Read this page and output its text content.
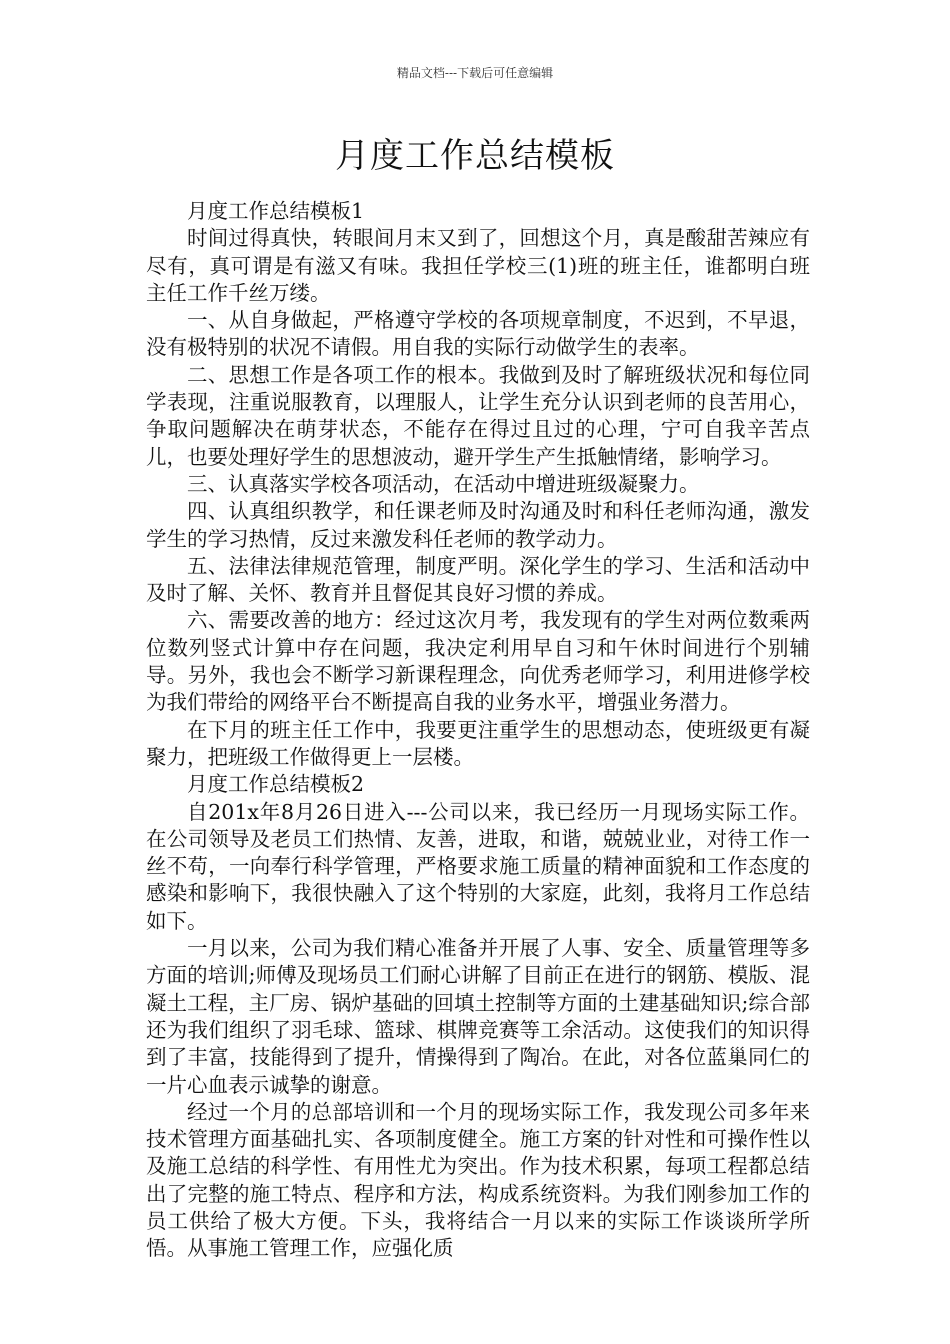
精品文档---下载后可任意编辑
月度工作总结模板

月度工作总结模板1

时间过得真快，转眼间月末又到了，回想这个月，真是酸甜苦辣应有尽有，真可谓是有滋又有味。我担任学校三(1)班的班主任，谁都明白班主任工作千丝万缕。

一、从自身做起，严格遵守学校的各项规章制度，不迟到，不早退，没有极特别的状况不请假。用自我的实际行动做学生的表率。

二、思想工作是各项工作的根本。我做到及时了解班级状况和每位同学表现，注重说服教育，以理服人，让学生充分认识到老师的良苦用心，争取问题解决在萌芽状态，不能存在得过且过的心理，宁可自我辛苦点儿，也要处理好学生的思想波动，避开学生产生抵触情绪，影响学习。

三、认真落实学校各项活动，在活动中增进班级凝聚力。

四、认真组织教学，和任课老师及时沟通及时和科任老师沟通，激发学生的学习热情，反过来激发科任老师的教学动力。

五、法律法律规范管理，制度严明。深化学生的学习、生活和活动中及时了解、关怀、教育并且督促其良好习惯的养成。

六、需要改善的地方：经过这次月考，我发现有的学生对两位数乘两位数列竖式计算中存在问题，我决定利用早自习和午休时间进行个别辅导。另外，我也会不断学习新课程理念，向优秀老师学习，利用进修学校为我们带给的网络平台不断提高自我的业务水平，增强业务潜力。

在下月的班主任工作中，我要更注重学生的思想动态，使班级更有凝聚力，把班级工作做得更上一层楼。

月度工作总结模板2

自201x年8月26日进入---公司以来，我已经历一月现场实际工作。在公司领导及老员工们热情、友善，进取，和谐，兢兢业业，对待工作一丝不苟，一向奉行科学管理，严格要求施工质量的精神面貌和工作态度的感染和影响下，我很快融入了这个特别的大家庭，此刻，我将月工作总结如下。

一月以来，公司为我们精心准备并开展了人事、安全、质量管理等多方面的培训;师傅及现场员工们耐心讲解了目前正在进行的钢筋、模版、混凝土工程，主厂房、锅炉基础的回填土控制等方面的土建基础知识;综合部还为我们组织了羽毛球、篮球、棋牌竞赛等工余活动。这使我们的知识得到了丰富，技能得到了提升，情操得到了陶冶。在此，对各位蓝巢同仁的一片心血表示诚挚的谢意。

经过一个月的总部培训和一个月的现场实际工作，我发现公司多年来技术管理方面基础扎实、各项制度健全。施工方案的针对性和可操作性以及施工总结的科学性、有用性尤为突出。作为技术积累，每项工程都总结出了完整的施工特点、程序和方法，构成系统资料。为我们刚参加工作的员工供给了极大方便。下头，我将结合一月以来的实际工作谈谈所学所悟。从事施工管理工作，应强化质
